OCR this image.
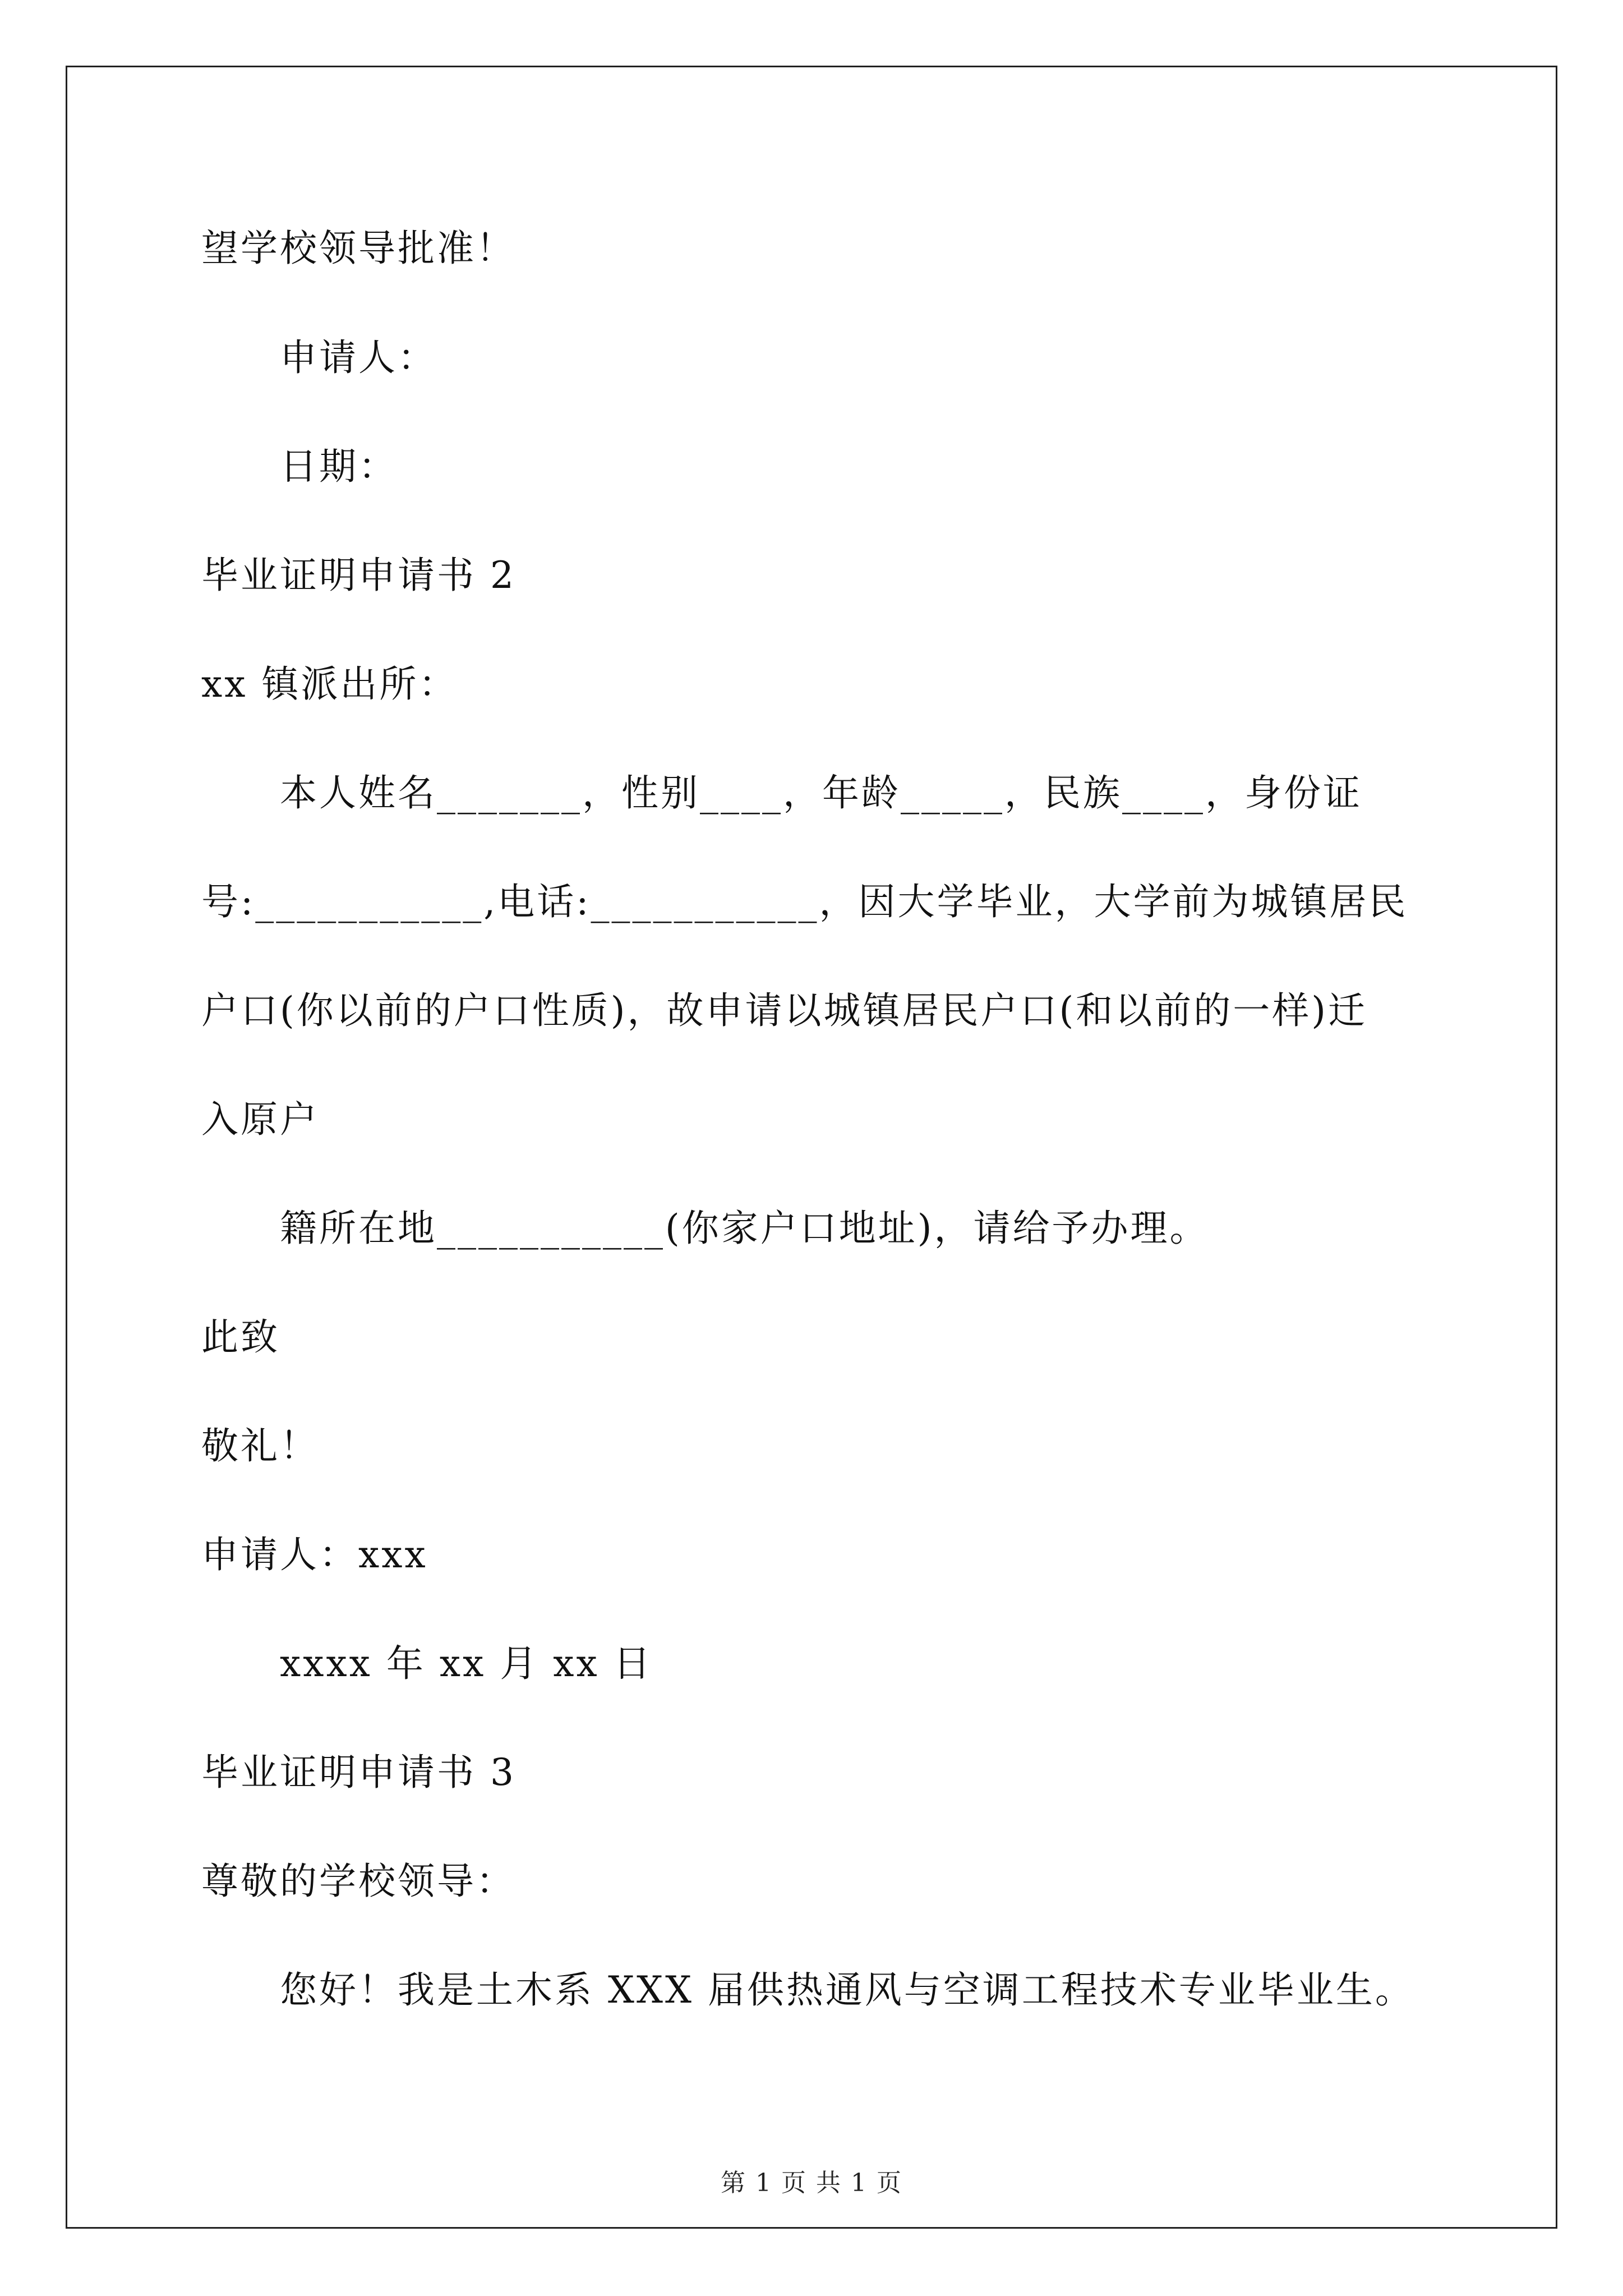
望学校领导批准！
申请人：
日期：
毕业证明申请书 2
xx 镇派出所：
本人姓名_______，性别____，年龄_____，民族____，身份证
号:___________,电话:___________，因大学毕业，大学前为城镇居民
户口(你以前的户口性质)，故申请以城镇居民户口(和以前的一样)迁
入原户
籍所在地___________(你家户口地址)，请给予办理。
此致
敬礼！
申请人：xxx
xxxx 年 xx 月 xx 日
毕业证明申请书 3
尊敬的学校领导：
您好！我是土木系 XXX 届供热通风与空调工程技术专业毕业生。
第 1 页 共 1 页
